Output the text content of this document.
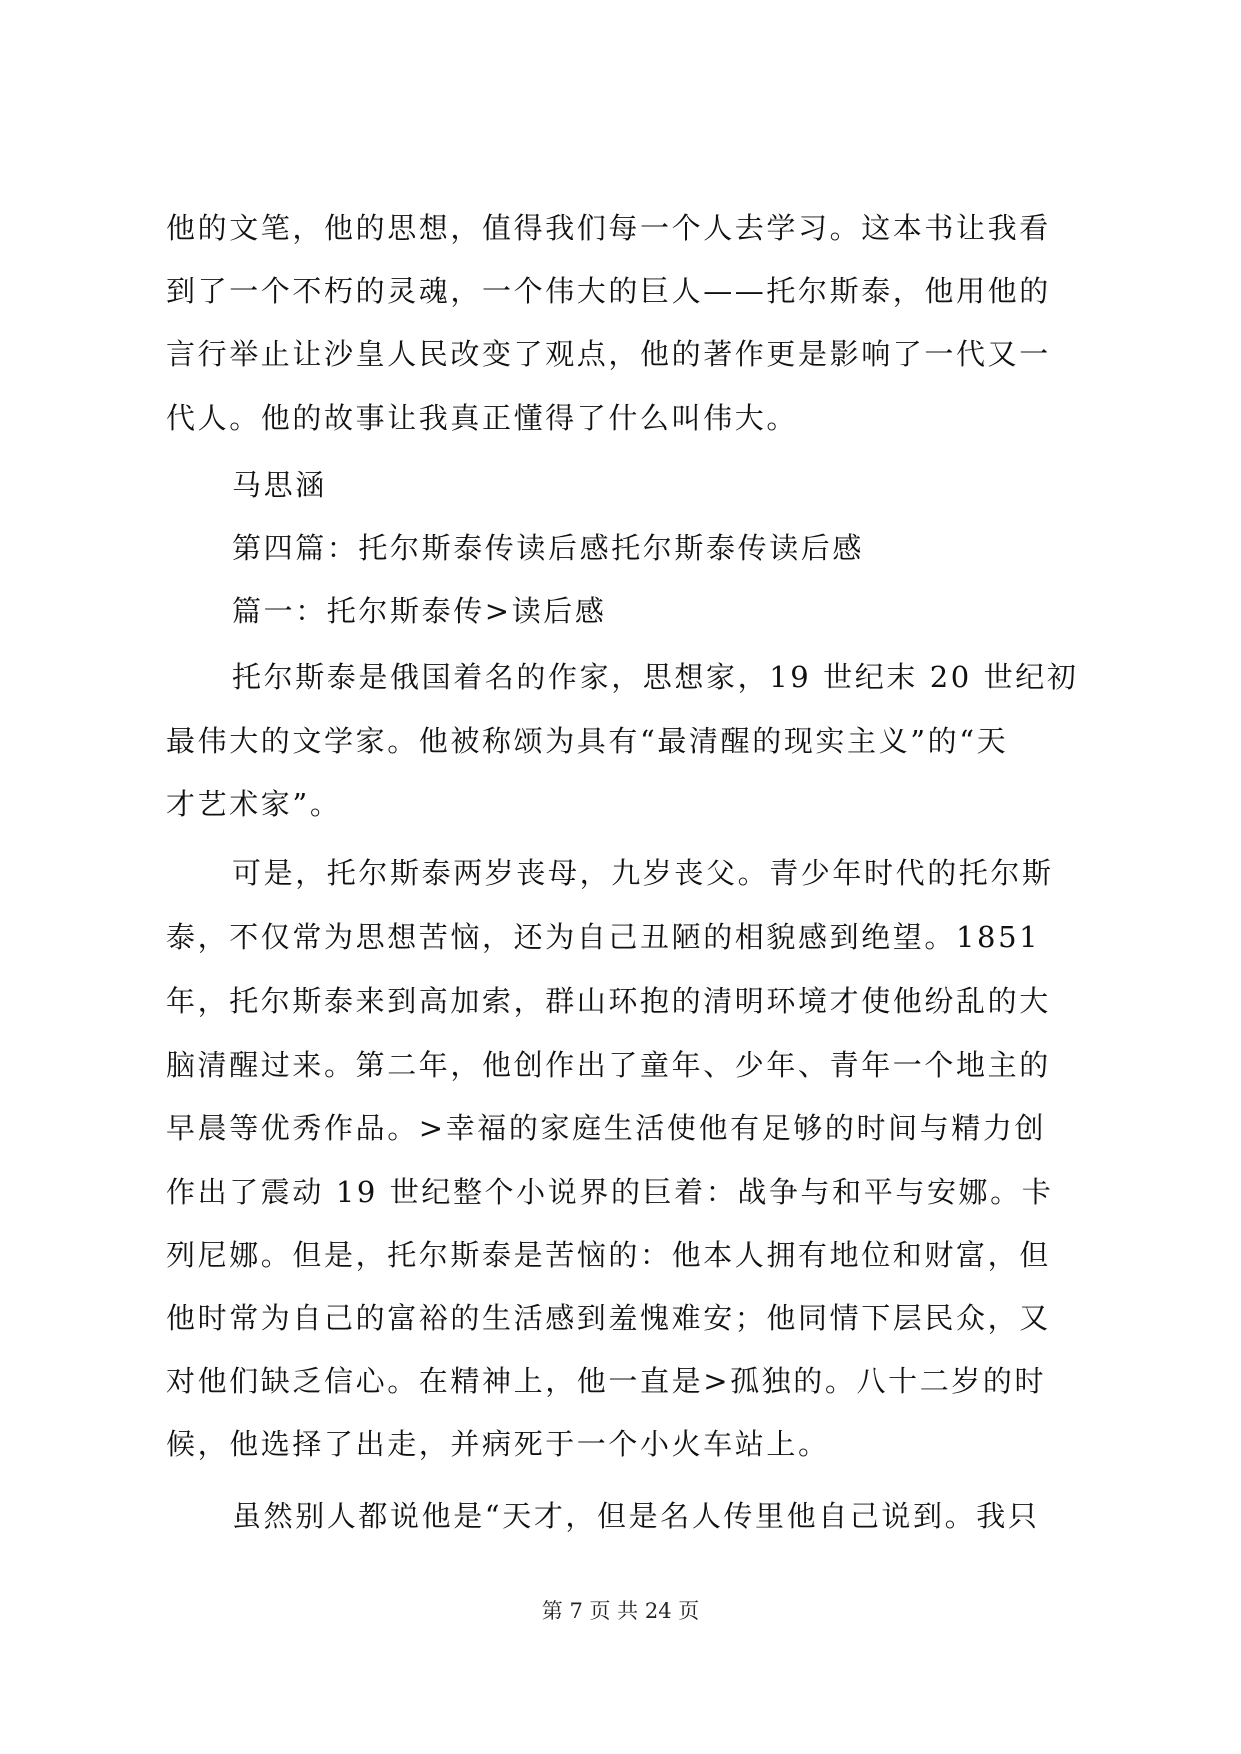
他的文笔，他的思想，值得我们每一个人去学习。这本书让我看
到了一个不朽的灵魂，一个伟大的巨人——托尔斯泰，他用他的
言行举止让沙皇人民改变了观点，他的著作更是影响了一代又一
代人。他的故事让我真正懂得了什么叫伟大。
马思涵
第四篇：托尔斯泰传读后感托尔斯泰传读后感
篇一：托尔斯泰传>读后感
托尔斯泰是俄国着名的作家，思想家，19 世纪末 20 世纪初
最伟大的文学家。他被称颂为具有“最清醒的现实主义”的“天
才艺术家”。
可是，托尔斯泰两岁丧母，九岁丧父。青少年时代的托尔斯
泰，不仅常为思想苦恼，还为自己丑陋的相貌感到绝望。1851
年，托尔斯泰来到高加索，群山环抱的清明环境才使他纷乱的大
脑清醒过来。第二年，他创作出了童年、少年、青年一个地主的
早晨等优秀作品。>幸福的家庭生活使他有足够的时间与精力创
作出了震动 19 世纪整个小说界的巨着：战争与和平与安娜。卡
列尼娜。但是，托尔斯泰是苦恼的：他本人拥有地位和财富，但
他时常为自己的富裕的生活感到羞愧难安；他同情下层民众，又
对他们缺乏信心。在精神上，他一直是>孤独的。八十二岁的时
候，他选择了出走，并病死于一个小火车站上。
虽然别人都说他是“天才，但是名人传里他自己说到。我只
第 7 页 共 24 页
